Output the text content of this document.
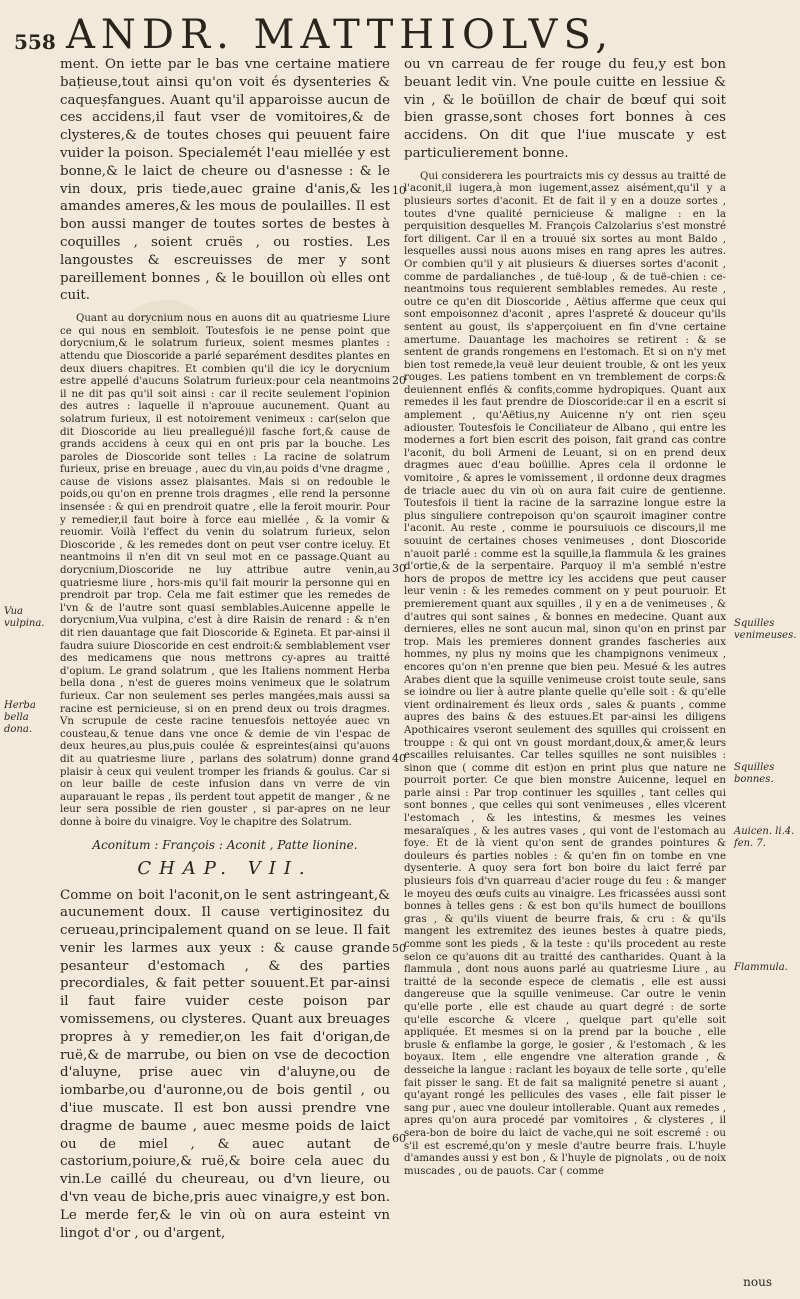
558 ANDR. MATTHIOLVS,

ment. On iette par le bas vne certaine matiere bațieuse,tout ainsi qu'on voit és dysenteries & caqueșfangues. Auant qu'il apparoisse aucun de ces accidens,il faut vser de vomitoires,& de clysteres,& de toutes choses qui peuuent faire vuider la poison. Specialemét l'eau miellée y est bonne,& le laict de cheure ou d'asnesse : & le vin doux, pris tiede,auec graine d'anis,& les amandes ameres,& les mous de poulailles. Il est bon aussi manger de toutes sortes de bestes à coquilles , soient cruës , ou rosties. Les langoustes & escreuisses de mer y sont pareillement bonnes , & le bouillon où elles ont cuit.

Quant au dorycnium nous en auons dit au quatriesme Liure ce qui nous en sembloit. Toutesfois ie ne pense point que dorycnium,& le solatrum furieux, soient mesmes plantes : attendu que Dioscoride a parlé separément desdites plantes en deux diuers chapitres. Et combien qu'il die icy le dorycnium estre appellé d'aucuns Solatrum furieux:pour cela neantmoins il ne dit pas qu'il soit ainsi : car il recite seulement l'opinion des autres : laquelle il n'aprouue aucunement. Quant au solatrum furieux, il est notoirement venimeux : car(selon que dit Dioscoride au lieu preallegué)il fasche fort,& cause de grands accidens à ceux qui en ont pris par la bouche. Les paroles de Dioscoride sont telles : La racine de solatrum furieux, prise en breuage , auec du vin,au poids d'vne dragme , cause de visions assez plaisantes. Mais si on redouble le poids,ou qu'on en prenne trois dragmes , elle rend la personne insensée : & qui en prendroit quatre , elle la feroit mourir. Pour y remedier,il faut boire à force eau miellée , & la vomir & reuomir. Voilà l'effect du venin du solatrum furieux, selon Dioscoride , & les remedes dont on peut vser contre iceluy. Et neantmoins il n'en dit vn seul mot en ce passage.Quant au dorycnium,Dioscoride ne luy attribue autre venin,au quatriesme liure , hors-mis qu'il fait mourir la personne qui en prendroit par trop. Cela me fait estimer que les remedes de l'vn & de l'autre sont quasi semblables.Auicenne appelle le dorycnium,Vua vulpina, c'est à dire Raisin de renard : & n'en dit rien dauantage que fait Dioscoride & Egineta. Et par-ainsi il faudra suiure Dioscoride en cest endroit:& semblablement vser des medicamens que nous mettrons cy-apres au traitté d'opium. Le grand solatrum , que les Italiens nomment Herba bella dona , n'est de gueres moins venimeux que le solatrum furieux. Car non seulement ses perles mangées,mais aussi sa racine est pernicieuse, si on en prend deux ou trois dragmes. Vn scrupule de ceste racine tenuesfois nettoyée auec vn cousteau,& tenue dans vne once & demie de vin l'espac de deux heures,au plus,puis coulée & espreintes(ainsi qu'auons dit au quatriesme liure , parlans des solatrum) donne grand plaisir à ceux qui veulent tromper les friands & goulus. Car si on leur baille de ceste infusion dans vn verre de vin auparauant le repas , ils perdent tout appetit de manger , & ne leur sera possible de rien gouster , si par-apres on ne leur donne à boire du vinaigre. Voy le chapitre des Solatrum.

Aconitum : François : Aconit , Patte lionine.
CHAP. VII.

Comme on boit l'aconit,on le sent astringeant,& aucunement doux. Il cause vertiginositez du cerueau,principalement quand on se leue. Il fait venir les larmes aux yeux : & cause grande pesanteur d'estomach , & des parties precordiales, & fait petter souuent.Et par-ainsi il faut faire vuider ceste poison par vomissemens, ou clysteres. Quant aux breuages propres à y remedier,on les fait d'origan,de ruë,& de marrube, ou bien on vse de decoction d'aluyne, prise auec vin d'aluyne,ou de iombarbe,ou d'auronne,ou de bois gentil , ou d'iue muscate. Il est bon aussi prendre vne dragme de baume , auec mesme poids de laict ou de miel , & auec autant de castorium,poiure,& ruë,& boire cela auec du vin.Le caillé du cheureau, ou d'vn lieure, ou d'vn veau de biche,pris auec vinaigre,y est bon. Le merde fer,& le vin où on aura esteint vn lingot d'or , ou d'argent,

ou vn carreau de fer rouge du feu,y est bon beuant ledit vin. Vne poule cuitte en lessiue & vin , & le boüillon de chair de bœuf qui soit bien grasse,sont choses fort bonnes à ces accidens. On dit que l'iue muscate y est particulierement bonne.

Qui considerera les pourtraicts mis cy dessus au traitté de l'aconit,il iugera,à mon iugement,assez aisément,qu'il y a plusieurs sortes d'aconit. Et de fait il y en a douze sortes , toutes d'vne qualité pernicieuse & maligne : en la perquisition desquelles M. François Calzolarius s'est monstré fort diligent. Car il en a trouué six sortes au mont Baldo , lesquelles aussi nous auons mises en rang apres les autres. Or combien qu'il y ait plusieurs & diuerses sortes d'aconit , comme de pardalianches , de tuë-loup , & de tuë-chien : ce-neantmoins tous requierent semblables remedes. Au reste , outre ce qu'en dit Dioscoride , Aëtius afferme que ceux qui sont empoisonnez d'aconit , apres l'aspreté & douceur qu'ils sentent au goust, ils s'apperçoiuent en fin d'vne certaine amertume. Dauantage les machoires se retirent : & se sentent de grands rongemens en l'estomach. Et si on n'y met bien tost remede,la veuë leur deuient trouble, & ont les yeux rouges. Les patiens tombent en vn tremblement de corps:& deuiennent enflés & confits,comme hydropiques. Quant aux remedes il les faut prendre de Dioscoride:car il en a escrit si amplement , qu'Aëtius,ny Auicenne n'y ont rien sçeu adiouster. Toutesfois le Conciliateur de Albano , qui entre les modernes a fort bien escrit des poison, fait grand cas contre l'aconit, du boli Armeni de Leuant, si on en prend deux dragmes auec d'eau boüillie. Apres cela il ordonne le vomitoire , & apres le vomissement , il ordonne deux dragmes de triacle auec du vin où on aura fait cuire de gentienne. Toutesfois il tient la racine de la sarrazine longue estre la plus singuliere contrepoison qu'on sçauroit imaginer contre l'aconit. Au reste , comme ie poursuiuois ce discours,il me souuint de certaines choses venimeuses , dont Dioscoride n'auoit parlé : comme est la squille,la flammula & les graines d'ortie,& de la serpentaire. Parquoy il m'a semblé n'estre hors de propos de mettre icy les accidens que peut causer leur venin : & les remedes comment on y peut pouruoir. Et premierement quant aux squilles , il y en a de venimeuses , & d'autres qui sont saines , & bonnes en medecine. Quant aux dernieres, elles ne sont aucun mal, sinon qu'on en prinst par trop. Mais les premieres donnent grandes fascheries aux hommes, ny plus ny moins que les champignons venimeux , encores qu'on n'en prenne que bien peu. Mesué & les autres Arabes dient que la squille venimeuse croist toute seule, sans se ioindre ou lier à autre plante quelle qu'elle soit : & qu'elle vient ordinairement és lieux ords , sales & puants , comme aupres des bains & des estuues.Et par-ainsi les diligens Apothicaires vseront seulement des squilles qui croissent en trouppe : & qui ont vn goust mordant,doux,& amer,& leurs escailles reluisantes. Car telles squilles ne sont nuisibles : sinon que ( comme dit est)on en print plus que nature ne pourroit porter. Ce que bien monstre Auicenne, lequel en parle ainsi : Par trop continuer les squilles , tant celles qui sont bonnes , que celles qui sont venimeuses , elles vlcerent l'estomach , & les intestins, & mesmes les veines mesaraïques , & les autres vases , qui vont de l'estomach au foye. Et de là vient qu'on sent de grandes pointures & douleurs és parties nobles : & qu'en fin on tombe en vne dysenterie. A quoy sera fort bon boire du laict ferré par plusieurs fois d'vn quarreau d'acier rouge du feu : & manger le moyeu des œufs cuits au vinaigre. Les fricassées aussi sont bonnes à telles gens : & est bon qu'ils humect de bouillons gras , & qu'ils viuent de beurre frais, & cru : & qu'ils mangent les extremitez des ieunes bestes à quatre pieds, comme sont les pieds , & la teste : qu'ils procedent au reste selon ce qu'auons dit au traitté des cantharides. Quant à la flammula , dont nous auons parlé au quatriesme Liure , au traitté de la seconde espece de clematis , elle est aussi dangereuse que la squille venimeuse. Car outre le venin qu'elle porte , elle est chaude au quart degré : de sorte qu'elle escorche & vlcere , quelque part qu'elle soit appliquée. Et mesmes si on la prend par la bouche , elle brusle & enflambe la gorge, le gosier , & l'estomach , & les boyaux. Item , elle engendre vne alteration grande , & desseiche la langue : raclant les boyaux de telle sorte , qu'elle fait pisser le sang. Et de fait sa malignité penetre si auant , qu'ayant rongé les pellicules des vases , elle fait pisser le sang pur , auec vne douleur intollerable. Quant aux remedes , apres qu'on aura procedé par vomitoires , & clysteres , il sera-bon de boire du laict de vache,qui ne soit escremé : ou s'il est escremé,qu'on y mesle d'autre beurre frais. L'huyle d'amandes aussi y est bon , & l'huyle de pignolats , ou de noix muscades , ou de pauots. Car ( comme

Vua vulpina.
Herba bella dona.
Squilles venimeuses.
Squilles bonnes.
Auicen. li.4. fen. 7.
Flammula.
10
20
30
40
50
60
nous
